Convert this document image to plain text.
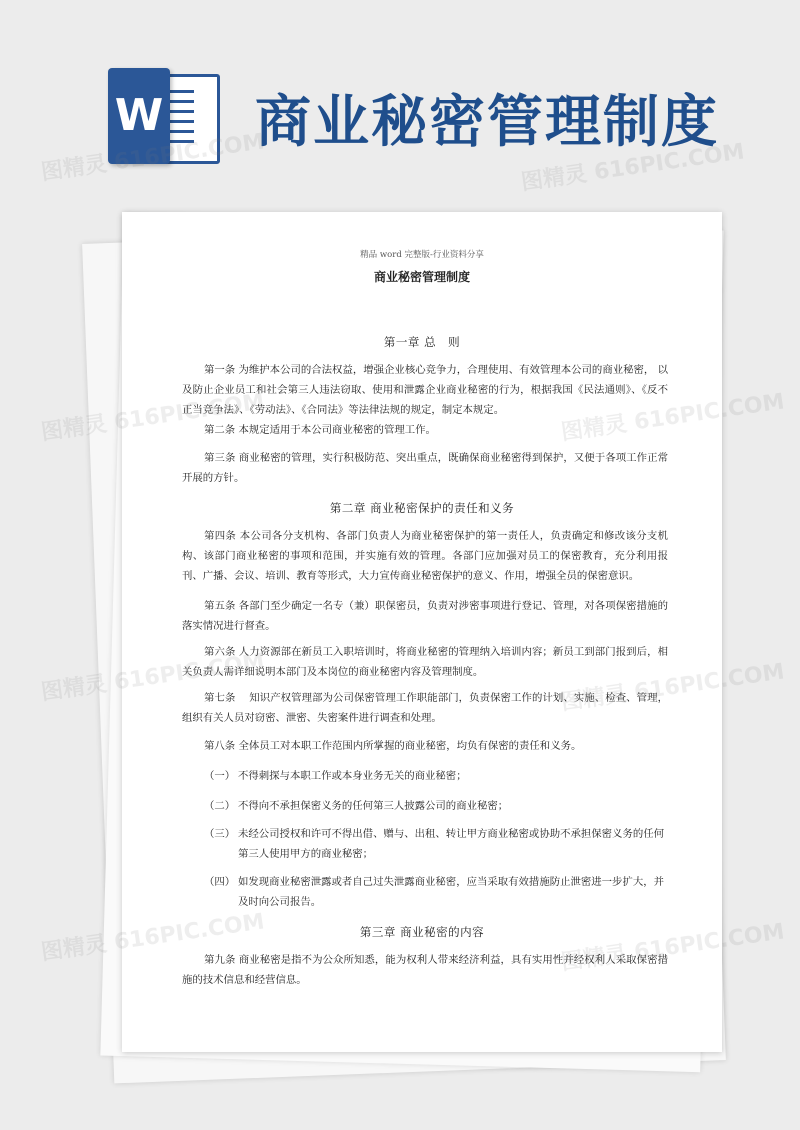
W 商业秘密管理制度
精品 word 完整版-行业资料分享
商业秘密管理制度
第一章 总　则

第一条 为维护本公司的合法权益，增强企业核心竞争力，合理使用、有效管理本公司的商业秘密， 以及防止企业员工和社会第三人违法窃取、使用和泄露企业商业秘密的行为，根据我国《民法通则》、《反不正当竞争法》、《劳动法》、《合同法》等法律法规的规定，制定本规定。

第二条 本规定适用于本公司商业秘密的管理工作。

第三条 商业秘密的管理，实行积极防范、突出重点，既确保商业秘密得到保护，又便于各项工作正常开展的方针。

第二章 商业秘密保护的责任和义务

第四条 本公司各分支机构、各部门负责人为商业秘密保护的第一责任人，负责确定和修改该分支机构、该部门商业秘密的事项和范围，并实施有效的管理。各部门应加强对员工的保密教育，充分利用报 刊、广播、会议、培训、教育等形式，大力宣传商业秘密保护的意义、作用，增强全员的保密意识。

第五条 各部门至少确定一名专（兼）职保密员，负责对涉密事项进行登记、管理，对各项保密措施的落实情况进行督查。

第六条 人力资源部在新员工入职培训时，将商业秘密的管理纳入培训内容；新员工到部门报到后，相关负责人需详细说明本部门及本岗位的商业秘密内容及管理制度。

第七条　 知识产权管理部为公司保密管理工作职能部门，负责保密工作的计划、实施、检查、管理，组织有关人员对窃密、泄密、失密案件进行调查和处理。

第八条 全体员工对本职工作范围内所掌握的商业秘密，均负有保密的责任和义务。

（一） 不得刺探与本职工作或本身业务无关的商业秘密；

（二） 不得向不承担保密义务的任何第三人披露公司的商业秘密；

（三） 未经公司授权和许可不得出借、赠与、出租、转让甲方商业秘密或协助不承担保密义务的任何第三人使用甲方的商业秘密；

（四） 如发现商业秘密泄露或者自己过失泄露商业秘密，应当采取有效措施防止泄密进一步扩大，并及时向公司报告。

第三章 商业秘密的内容

第九条 商业秘密是指不为公众所知悉，能为权利人带来经济利益，具有实用性并经权利人采取保密措施的技术信息和经营信息。

图精灵	图精灵 616PIC.COM
图精灵
图精灵
图精灵
